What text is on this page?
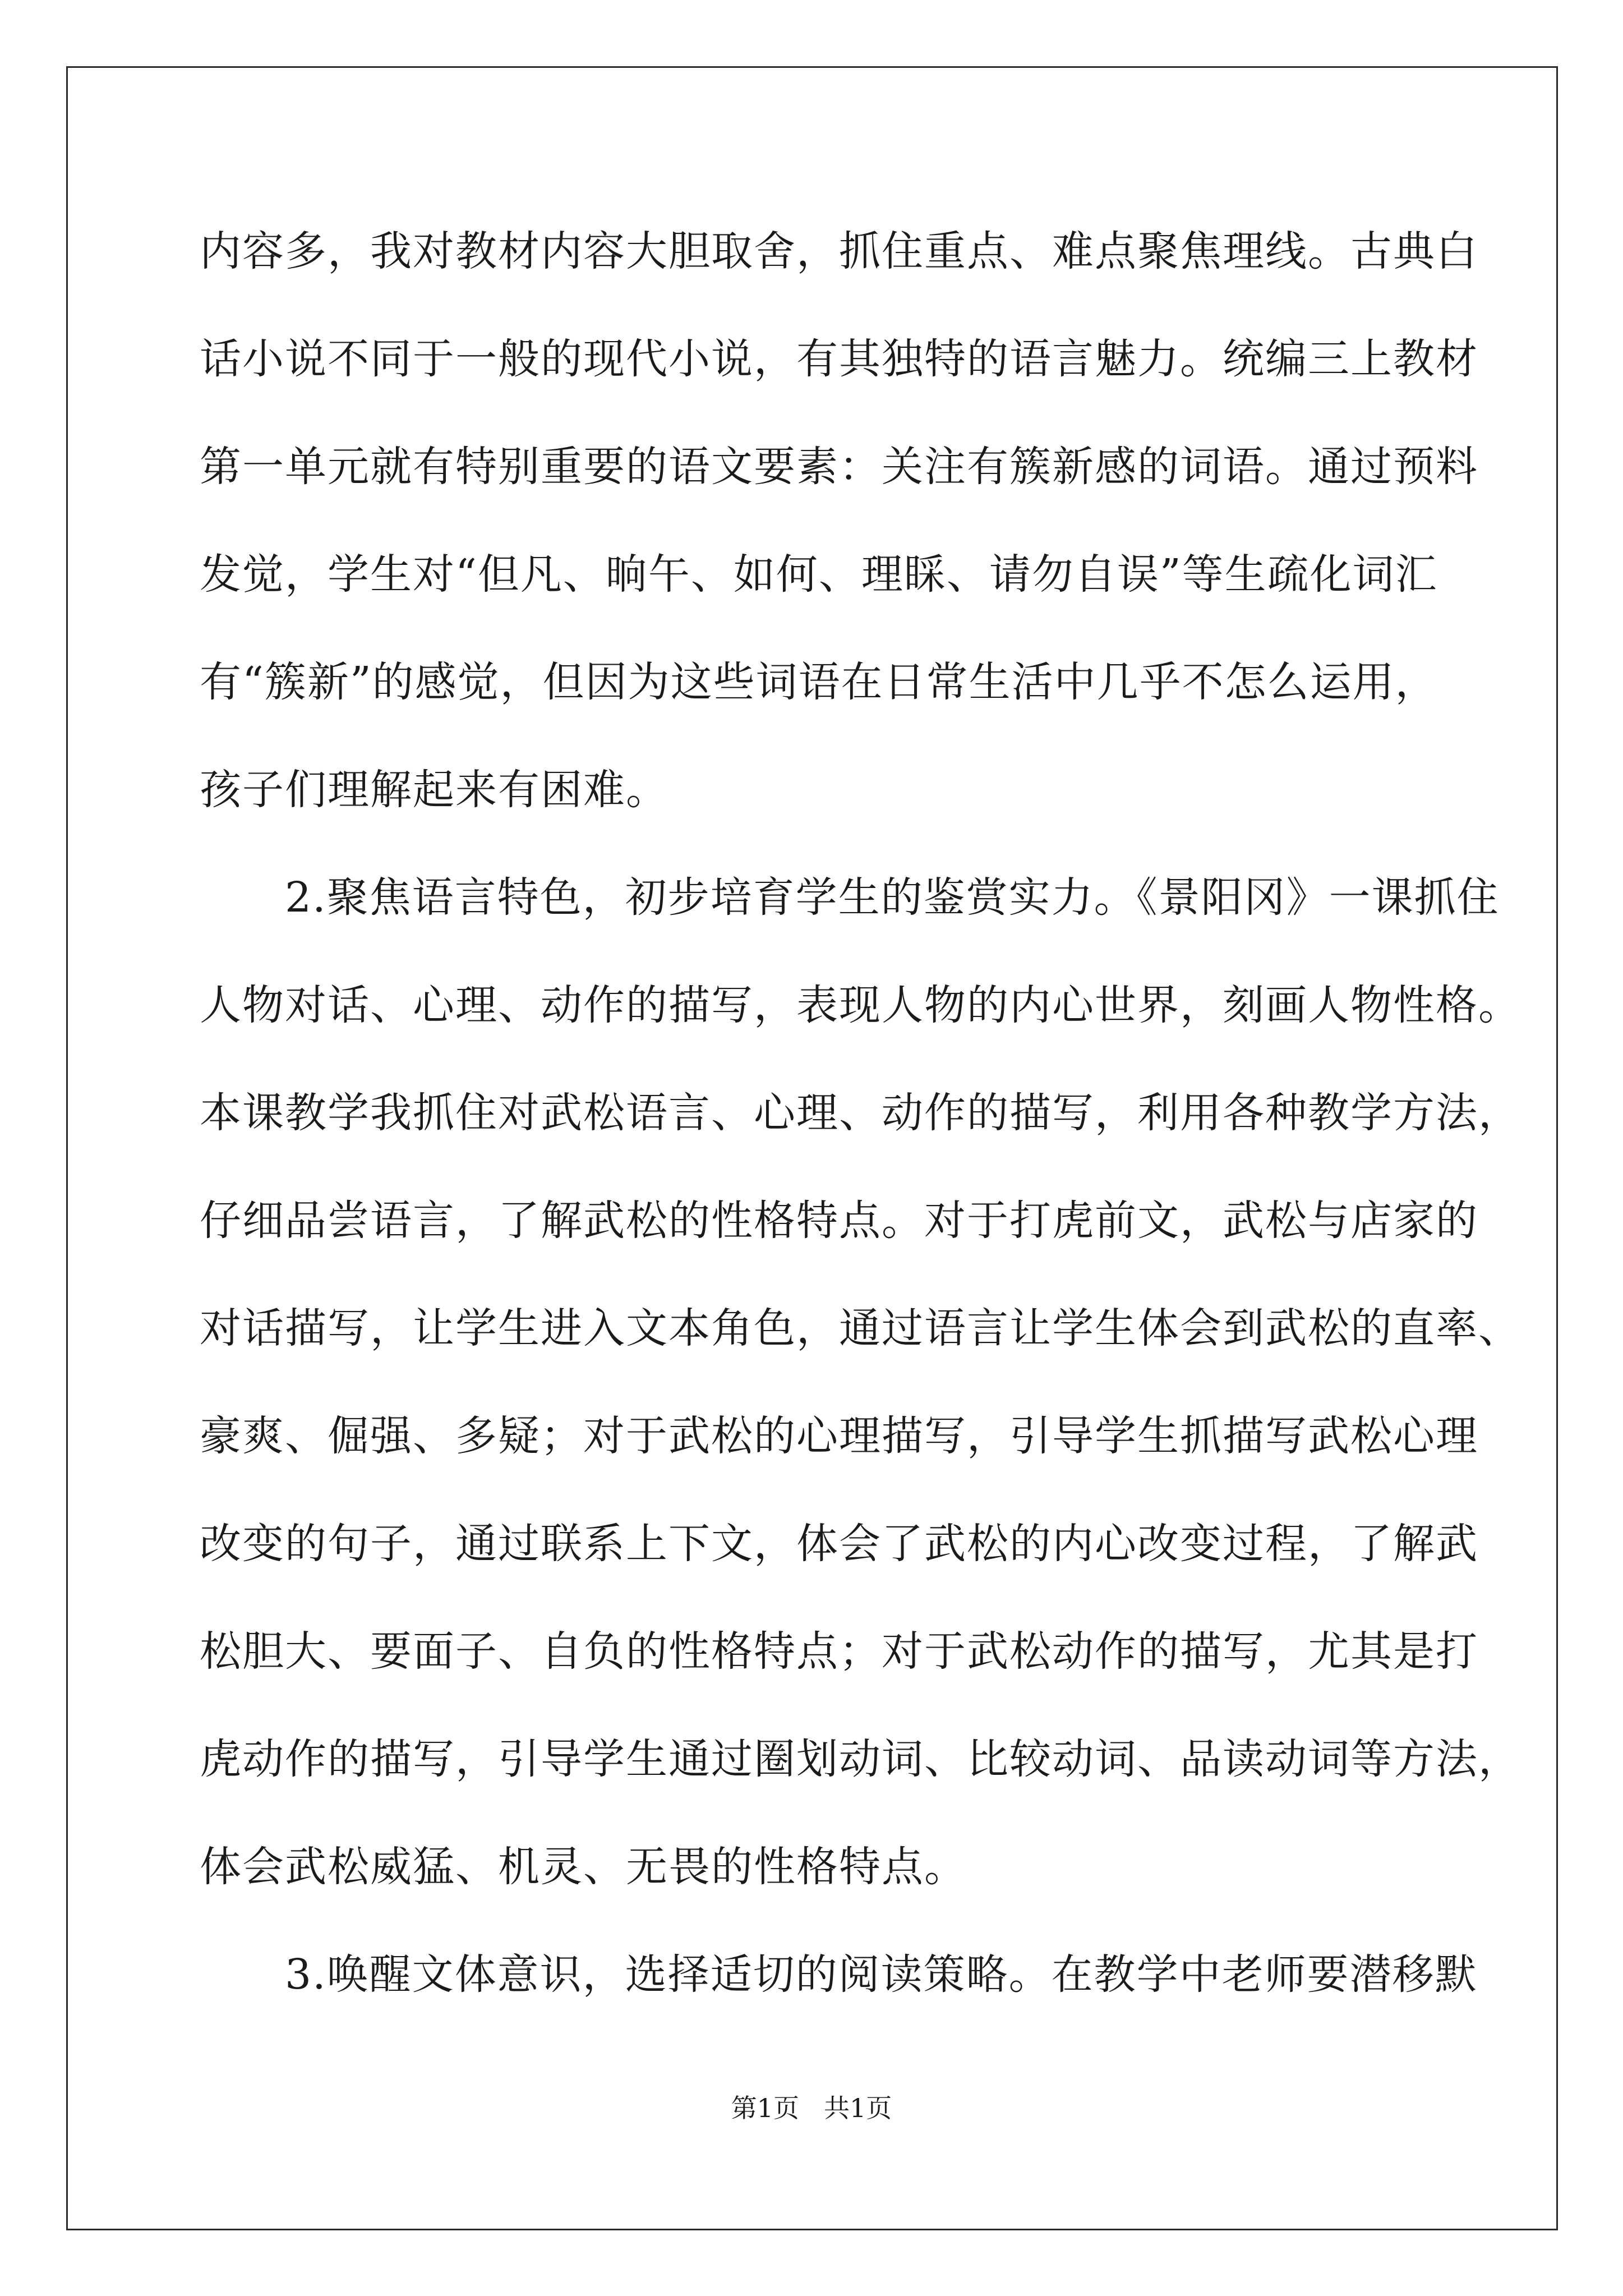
内容多，我对教材内容大胆取舍，抓住重点、难点聚焦理线。古典白
话小说不同于一般的现代小说，有其独特的语言魅力。统编三上教材
第一单元就有特别重要的语文要素：关注有簇新感的词语。通过预料
发觉，学生对“但凡、晌午、如何、理睬、请勿自误”等生疏化词汇
有“簇新”的感觉，但因为这些词语在日常生活中几乎不怎么运用，
孩子们理解起来有困难。
　　2.聚焦语言特色，初步培育学生的鉴赏实力。《景阳冈》一课抓住
人物对话、心理、动作的描写，表现人物的内心世界，刻画人物性格。
本课教学我抓住对武松语言、心理、动作的描写，利用各种教学方法，
仔细品尝语言，了解武松的性格特点。对于打虎前文，武松与店家的
对话描写，让学生进入文本角色，通过语言让学生体会到武松的直率、
豪爽、倔强、多疑；对于武松的心理描写，引导学生抓描写武松心理
改变的句子，通过联系上下文，体会了武松的内心改变过程，了解武
松胆大、要面子、自负的性格特点；对于武松动作的描写，尤其是打
虎动作的描写，引导学生通过圈划动词、比较动词、品读动词等方法，
体会武松威猛、机灵、无畏的性格特点。
　　3.唤醒文体意识，选择适切的阅读策略。在教学中老师要潜移默
第1页 共1页
